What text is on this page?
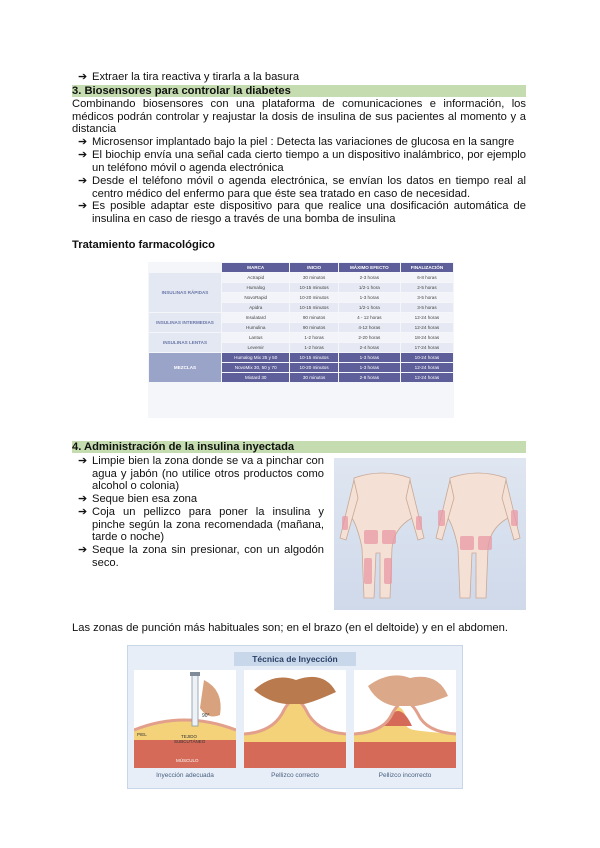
➔ Extraer la tira reactiva y tirarla a la basura
3. Biosensores para controlar la diabetes
Combinando biosensores con una plataforma de comunicaciones e información, los médicos podrán controlar y reajustar la dosis de insulina de sus pacientes al momento y a distancia
➔ Microsensor implantado bajo la piel : Detecta las variaciones de glucosa en la sangre
➔ El biochip envía una señal cada cierto tiempo a un dispositivo inalámbrico, por ejemplo un teléfono móvil o agenda electrónica
➔ Desde el teléfono móvil o agenda electrónica, se envían los datos en tiempo real al centro médico del enfermo para que éste sea tratado en caso de necesidad.
➔ Es posible adaptar este dispositivo para que realice una dosificación automática de insulina en caso de riesgo a través de una bomba de insulina
Tratamiento farmacológico
	MARCA	INICIO	MÁXIMO EFECTO	FINALIZACIÓN
INSULINAS RÁPIDAS	Actrapid	30 minutos	2-3 horas	6-8 horas
	Humalog	10-15 minutos	1/2-1 hora	2-5 horas
	NovoRapid	10-20 minutos	1-3 horas	3-5 horas
	Apidra	10-15 minutos	1/2-1 hora	3-5 horas
INSULINAS INTERMEDIAS	Insulatard	90 minutos	4 - 12 horas	12-24 horas
	Humulina	90 minutos	4-12 horas	12-24 horas
INSULINAS LENTAS	Lantus	1-2 horas	2-20 horas	18-24 horas
	Levemir	1-2 horas	2-4 horas	17-24 horas
MEZCLAS	Humalog Mix 25 y 50	10-15 minutos	1-3 horas	10-24 horas
	NovoMix 30, 50 y 70	10-20 minutos	1-3 horas	12-24 horas
	Mixtard 30	30 minutos	2-8 horas	12-24 horas
4. Administración de la insulina inyectada
➔ Limpie bien la zona donde se va a pinchar con agua y jabón (no utilice otros productos como alcohol o colonia)
➔ Seque bien esa zona
➔ Coja un pellizco para poner la insulina y pinche según la zona recomendada (mañana, tarde o noche)
➔ Seque la zona sin presionar, con un algodón seco.
Las zonas de punción más habituales son; en el brazo (en el deltoide) y en el abdomen.
Técnica de Inyección
PIEL	TEJIDO SUBCUTÁNEO
MÚSCULO
90°
Inyección adecuada	Pellizco correcto	Pellizco incorrecto
